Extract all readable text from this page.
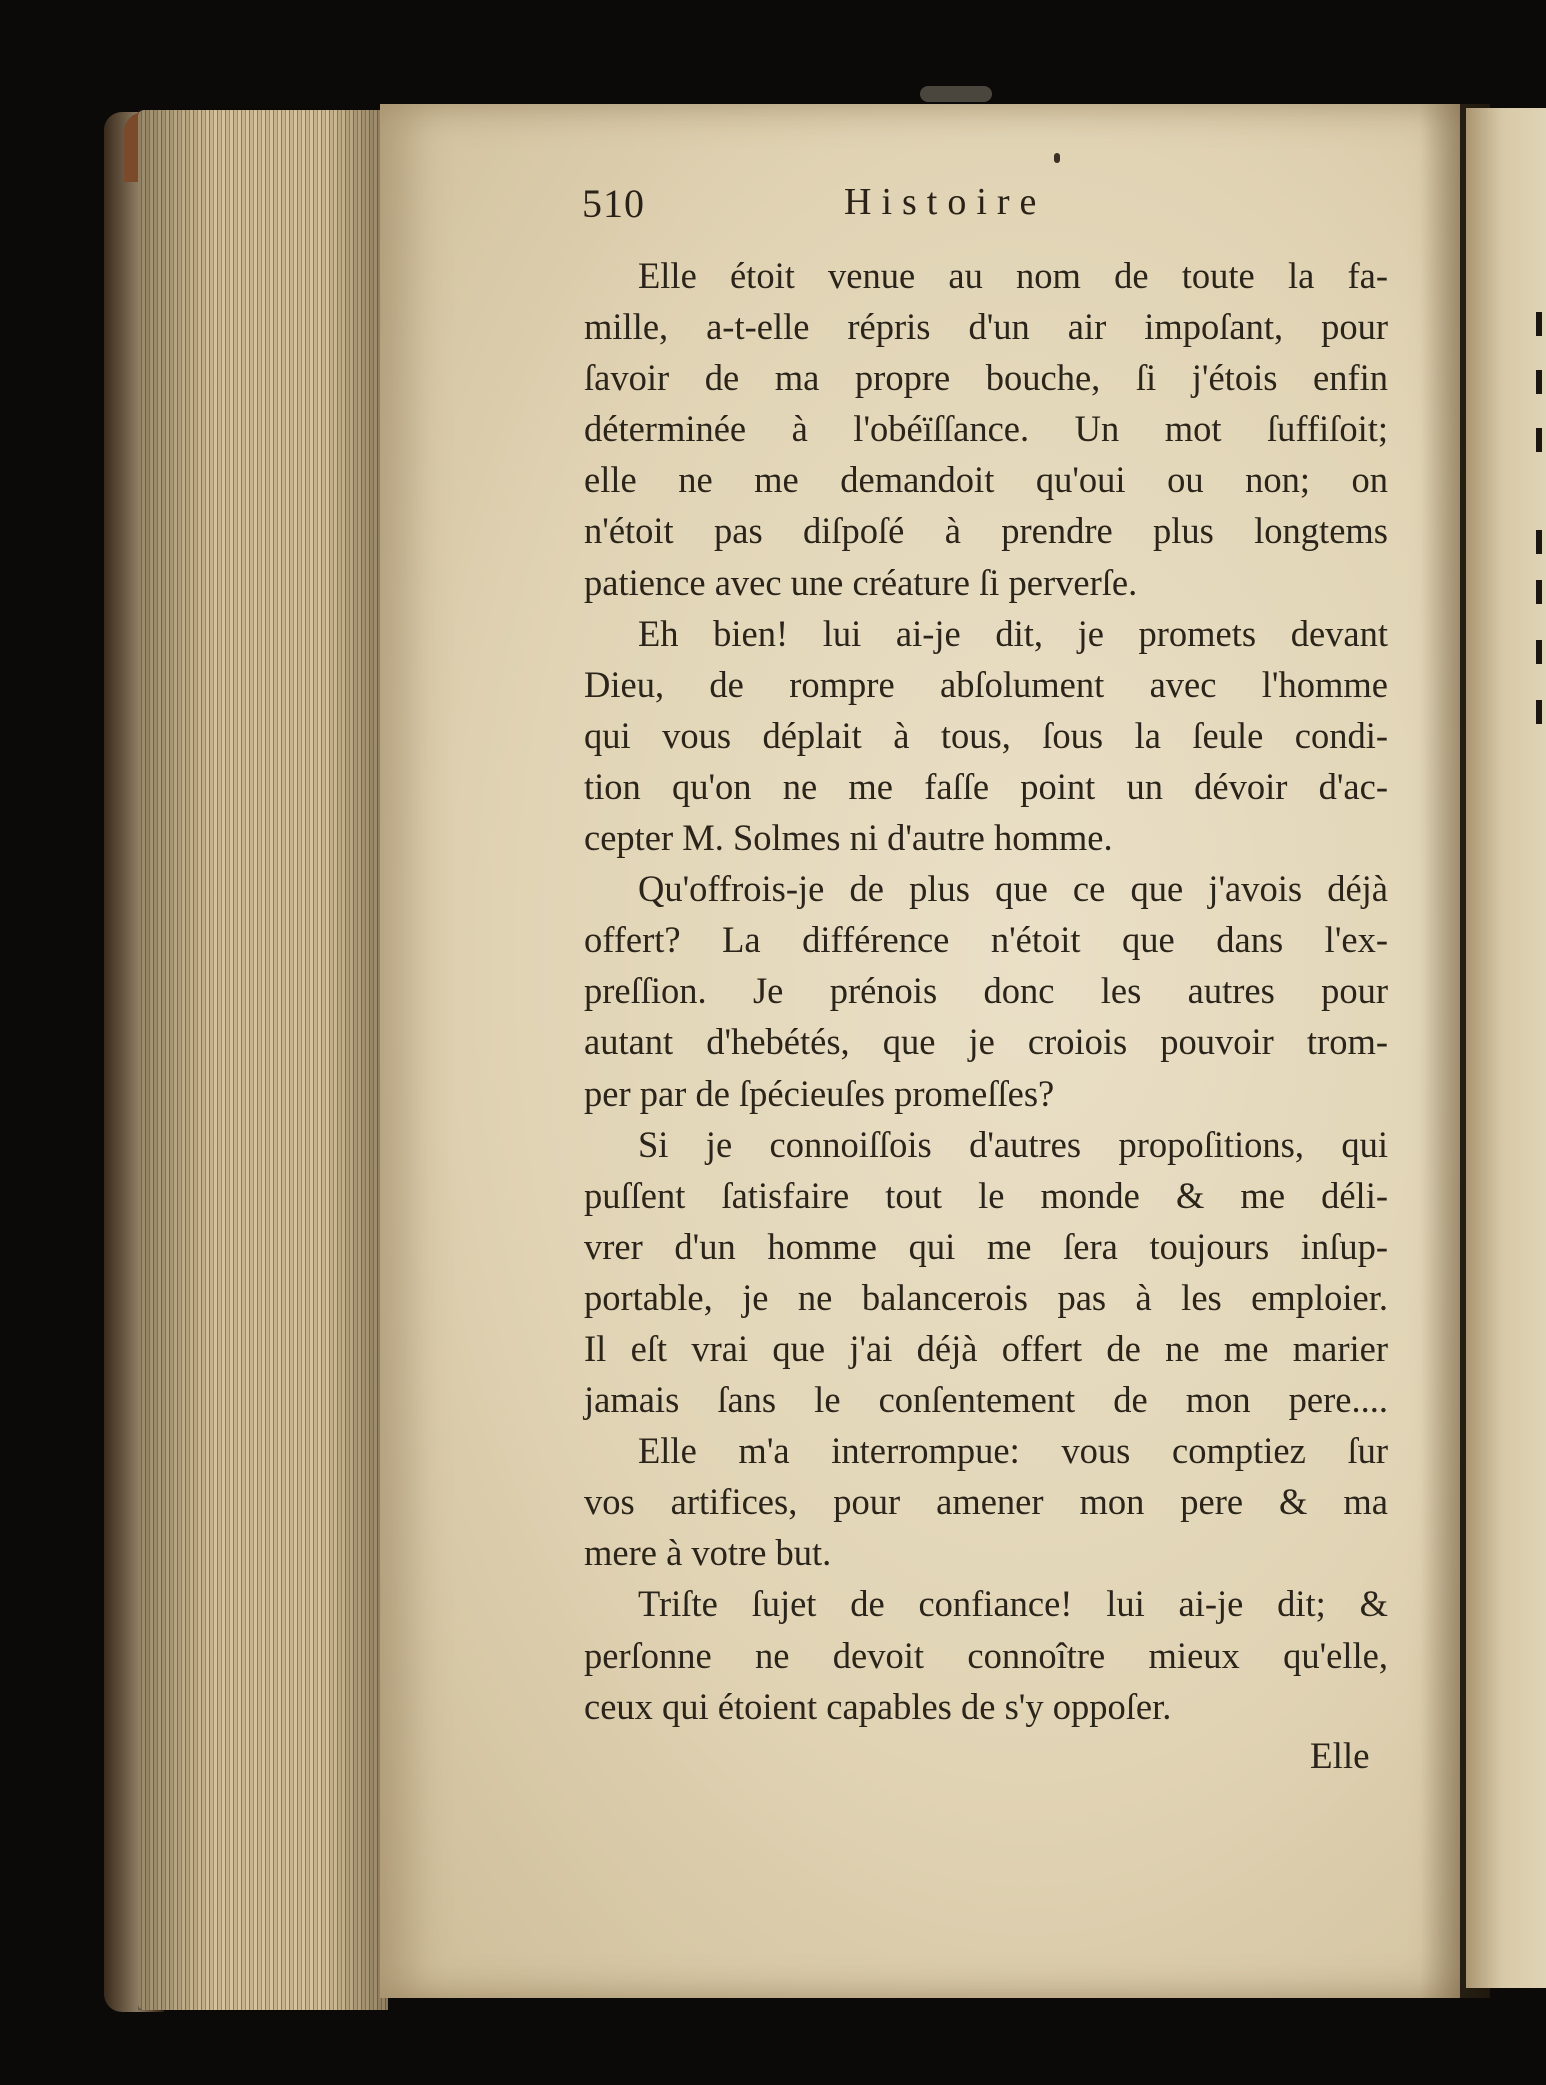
510	Histoire
Elle étoit venue au nom de toute la fa-
mille, a-t-elle répris d'un air impoſant, pour
ſavoir de ma propre bouche, ſi j'étois enfin
déterminée à l'obéïſſance. Un mot ſuffiſoit;
elle ne me demandoit qu'oui ou non; on
n'étoit pas diſpoſé à prendre plus longtems
patience avec une créature ſi perverſe.
Eh bien! lui ai-je dit, je promets devant
Dieu, de rompre abſolument avec l'homme
qui vous déplait à tous, ſous la ſeule condi-
tion qu'on ne me faſſe point un dévoir d'ac-
cepter M. Solmes ni d'autre homme.
Qu'offrois-je de plus que ce que j'avois déjà
offert? La différence n'étoit que dans l'ex-
preſſion. Je prénois donc les autres pour
autant d'hebétés, que je croiois pouvoir trom-
per par de ſpécieuſes promeſſes?
Si je connoiſſois d'autres propoſitions, qui
puſſent ſatisfaire tout le monde & me déli-
vrer d'un homme qui me ſera toujours inſup-
portable, je ne balancerois pas à les emploier.
Il eſt vrai que j'ai déjà offert de ne me marier
jamais ſans le conſentement de mon pere....
Elle m'a interrompue: vous comptiez ſur
vos artifices, pour amener mon pere & ma
mere à votre but.
Triſte ſujet de confiance! lui ai-je dit; &
perſonne ne devoit connoître mieux qu'elle,
ceux qui étoient capables de s'y oppoſer.
Elle
